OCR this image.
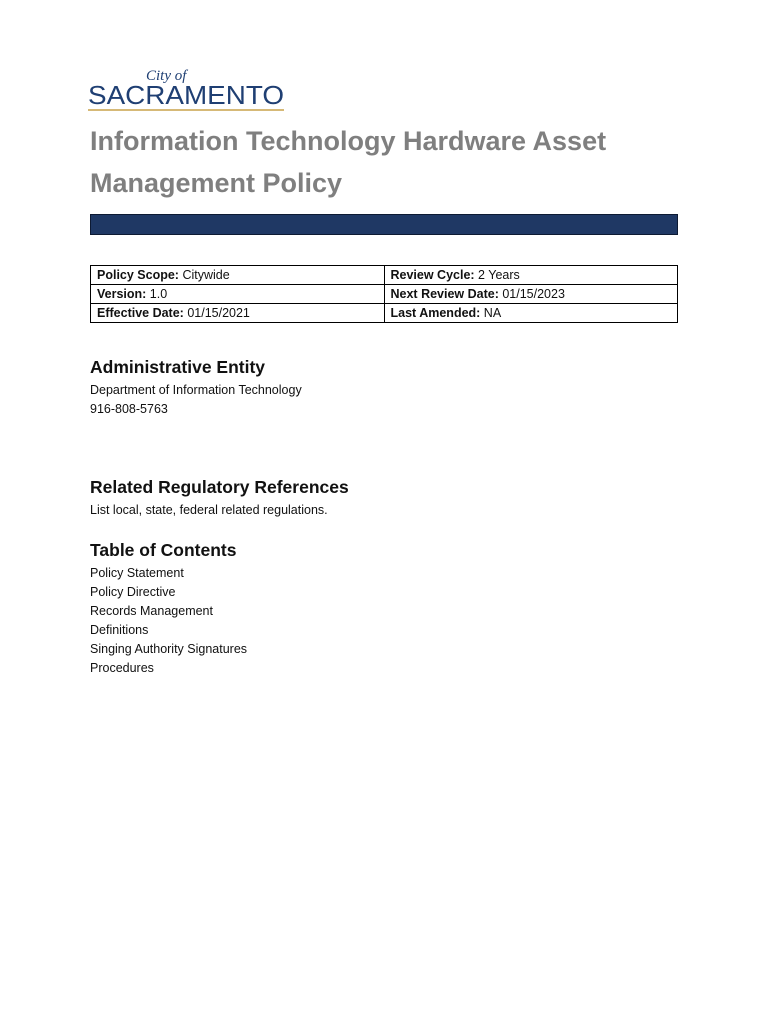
City of
SACRAMENTO
Information Technology Hardware Asset
Management Policy
Policy Scope: Citywide	Review Cycle: 2 Years
Version: 1.0	Next Review Date: 01/15/2023
Effective Date: 01/15/2021	Last Amended: NA
Administrative Entity
Department of Information Technology
916-808-5763
Related Regulatory References
List local, state, federal related regulations.
Table of Contents
Policy Statement
Policy Directive
Records Management
Definitions
Singing Authority Signatures
Procedures
